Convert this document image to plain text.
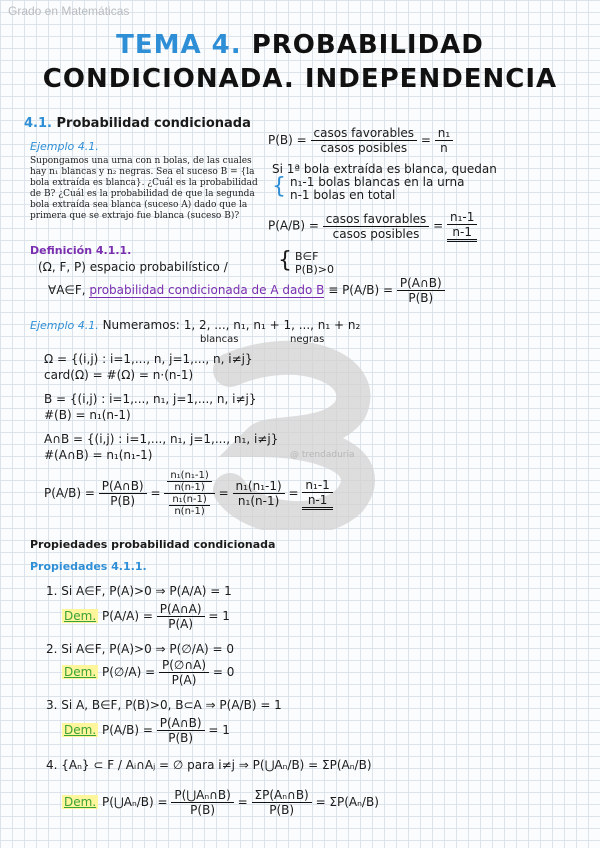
Grado en Matemáticas
TEMA 4. PROBABILIDAD
CONDICIONADA. INDEPENDENCIA
4.1. Probabilidad condicionada
Ejemplo 4.1.
Supongamos una urna con n bolas, de las cuales hay n₁ blancas y n₂ negras. Sea el suceso B = {la bola extraída es blanca}. ¿Cuál es la probabilidad de B? ¿Cuál es la probabilidad de que la segunda bola extraída sea blanca (suceso A) dado que la primera que se extrajo fue blanca (suceso B)?
$P(B) = \frac{\text{casos favorables}}{\text{casos posibles}} = \frac{\text{n₁}}{n}$
Si 1ª bola extraída es blanca, quedan
{ n₁-1 bolas blancas en la urna
n-1 bolas en total
$P(A/B) = \frac{\text{casos favorables}}{\text{casos posibles}} = \frac{\text{n₁-1}}{n-1}$
Definición 4.1.1.
(Ω, F, P) espacio probabilístico / { B∈F
P(B)>0
∀A∈F, probabilidad condicionada de A dado $B \equiv P(A/B) = \frac{P(A\cap B)}{P(B)}$
Ejemplo 4.1. Numeramos: 1, 2, ..., n₁, n₁ + 1, ..., n₁ + n₂
blancas	negras
Ω = {(i,j) : i=1,..., n, j=1,..., n, i≠j}
card(Ω) = #(Ω) = n·(n-1)
B = {(i,j) : i=1,..., n₁, j=1,..., n, i≠j}
#(B) = n₁(n-1)
A∩B = {(i,j) : i=1,..., n₁, j=1,..., n₁, i≠j}
#(A∩B) = n₁(n₁-1)	@ trendaduria
$P(A/B) = \frac{P(A\cap B)}{P(B)} = \frac{\frac{\text{n₁(n₁-1)}}{n(n-1)}}{\frac{\text{n₁(n-1)}}{n(n-1)}} = \frac{\text{n₁(n₁-1)}}{\text{n₁(n-1)}} = \frac{\text{n₁-1}}{n-1}$
Propiedades probabilidad condicionada
Propiedades 4.1.1.
1. Si A∈F, P(A)>0 ⇒ P(A/A) = 1
Dem. $P(A/A) = \frac{P(A\cap A)}{P(A)} = 1$
2. Si A∈F, P(A)>0 ⇒ P(∅/A) = 0
Dem. P(∅/A) = $\frac{P(\emptyset\cap A)}{P(A)} = 0$
3. Si A, B∈F, P(B)>0, B⊂A ⇒ P(A/B) = 1
Dem. $P(A/B) = \frac{P(A\cap B)}{P(B)} = 1$
4. {Aₙ} ⊂ F / Aᵢ∩Aⱼ = ∅ para i≠j ⇒ P(⋃Aₙ/B) = ΣP(Aₙ/B)
Dem. P(⋃Aₙ/B) = $\frac{\text{P(⋃Aₙ∩B)}}{P(B)} = \frac{\text{ΣP(Aₙ∩B)}}{P(B)} = \Sigma P(A_n/B)$
